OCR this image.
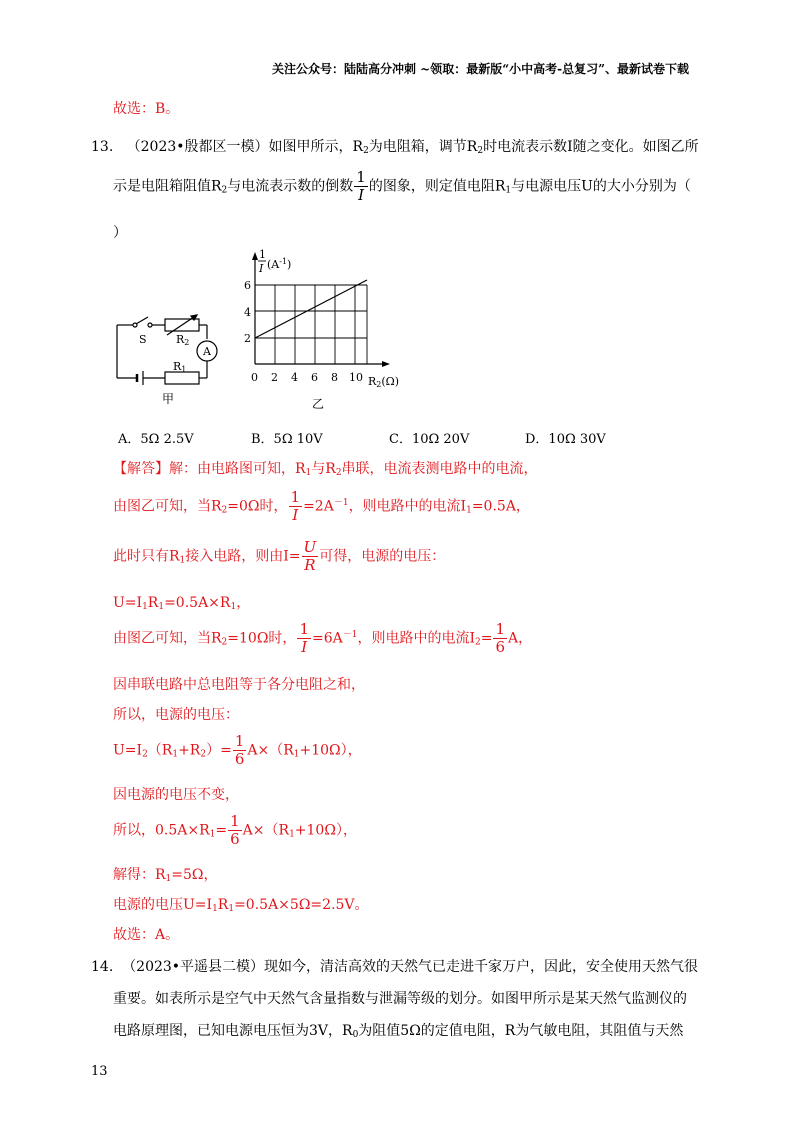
关注公众号：陆陆高分冲刺 ~领取：最新版“小中高考-总复习”、最新试卷下载
故选：B。
13. （2023•殷都区一模）如图甲所示，$R_2$为电阻箱，调节$R_2$时电流表示数I随之变化。如图乙所
示是电阻箱阻值$R_2$与电流表示数的倒数 $\frac{1}{I}$ 的图象，则定值电阻$R_1$与电源电压U的大小分别为（
）
S	R2
A
R1
甲
1
I $(A^{-1})$
2
4
6
0 2 4 6 8 10 R2(Ω)
乙
A．5Ω 2.5V	B．5Ω 10V	C．10Ω 20V	D．10Ω 30V
【解答】解：由电路图可知，$R_1$与$R_2$串联，电流表测电路中的电流，
由图乙可知，当$R_2=0\Omega$时， $\frac{1}{I} =2A^{-1}$，则电路中的电流$I_1=0.5A$，
此时只有$R_1$接入电路，则由$I= \frac{U}{R}$ 可得，电源的电压：
$U=I_1R_1=0.5A\times R_1$，
由图乙可知，当$R_2=10\Omega$时， $\frac{1}{I} =6A^{-1}$，则电路中的电流$I_2= \frac{1}{6}$ A，
因串联电路中总电阻等于各分电阻之和，
所以，电源的电压：
$U=I_2(R_1+R_2)= \frac{1}{6} A\times(R_1+10\Omega)$，
因电源的电压不变，
所以，$0.5A\times R_1= \frac{1}{6} A\times(R_1+10\Omega)$，
解得：$R_1=5\Omega$，
电源的电压$U=I_1R_1=0.5A\times 5\Omega=2.5V$。
故选：A。
14. （2023•平遥县二模）现如今，清洁高效的天然气已走进千家万户，因此，安全使用天然气很
重要。如表所示是空气中天然气含量指数与泄漏等级的划分。如图甲所示是某天然气监测仪的
电路原理图，已知电源电压恒为3V，$R_0$为阻值5Ω的定值电阻，R为气敏电阻，其阻值与天然
13
